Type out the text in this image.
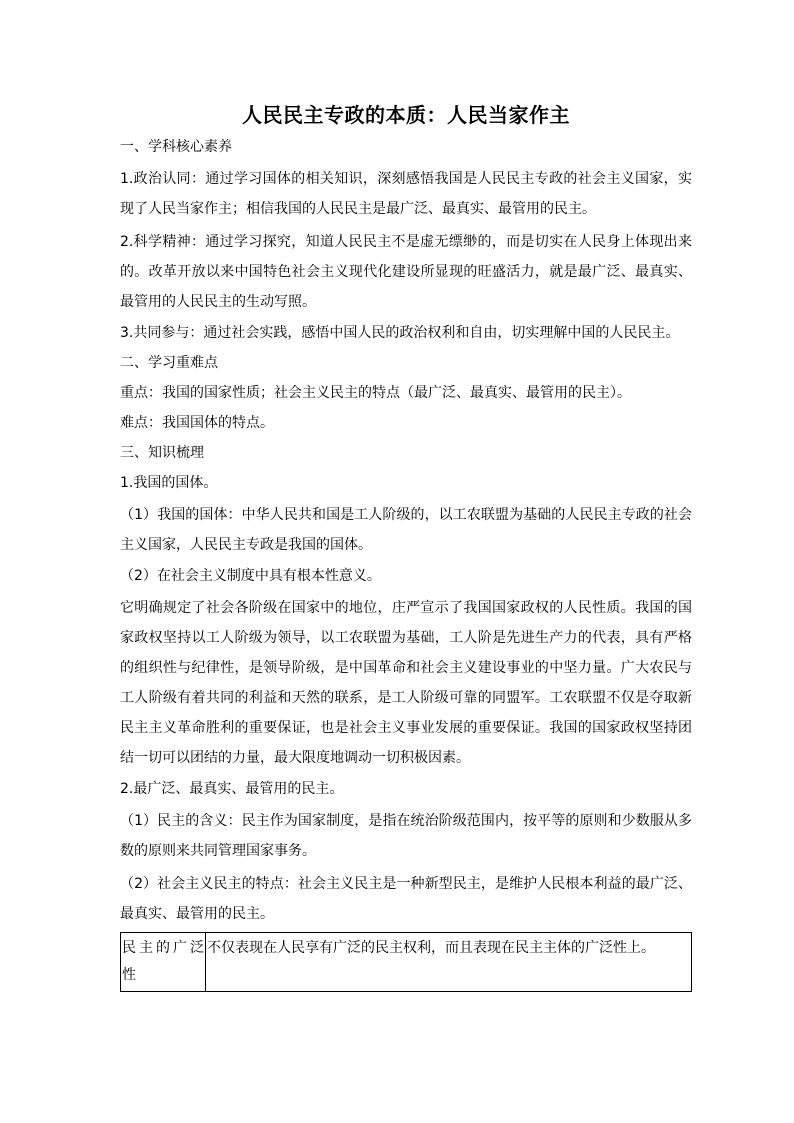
人民民主专政的本质：人民当家作主
一、学科核心素养
1.政治认同：通过学习国体的相关知识，深刻感悟我国是人民民主专政的社会主义国家，实现了人民当家作主；相信我国的人民民主是最广泛、最真实、最管用的民主。
2.科学精神：通过学习探究，知道人民民主不是虚无缥缈的，而是切实在人民身上体现出来的。改革开放以来中国特色社会主义现代化建设所显现的旺盛活力，就是最广泛、最真实、最管用的人民民主的生动写照。
3.共同参与：通过社会实践，感悟中国人民的政治权利和自由，切实理解中国的人民民主。
二、学习重难点
重点：我国的国家性质；社会主义民主的特点（最广泛、最真实、最管用的民主）。
难点：我国国体的特点。
三、知识梳理
1.我国的国体。
（1）我国的国体：中华人民共和国是工人阶级的，以工农联盟为基础的人民民主专政的社会主义国家，人民民主专政是我国的国体。
（2）在社会主义制度中具有根本性意义。
它明确规定了社会各阶级在国家中的地位，庄严宣示了我国国家政权的人民性质。我国的国家政权坚持以工人阶级为领导，以工农联盟为基础，工人阶是先进生产力的代表，具有严格的组织性与纪律性，是领导阶级，是中国革命和社会主义建设事业的中坚力量。广大农民与工人阶级有着共同的利益和天然的联系，是工人阶级可靠的同盟军。工农联盟不仅是夺取新民主主义革命胜利的重要保证，也是社会主义事业发展的重要保证。我国的国家政权坚持团结一切可以团结的力量，最大限度地调动一切积极因素。
2.最广泛、最真实、最管用的民主。
（1）民主的含义：民主作为国家制度，是指在统治阶级范围内，按平等的原则和少数服从多数的原则来共同管理国家事务。
（2）社会主义民主的特点：社会主义民主是一种新型民主，是维护人民根本利益的最广泛、最真实、最管用的民主。
民主的广泛性	不仅表现在人民享有广泛的民主权利，而且表现在民主主体的广泛性上。
